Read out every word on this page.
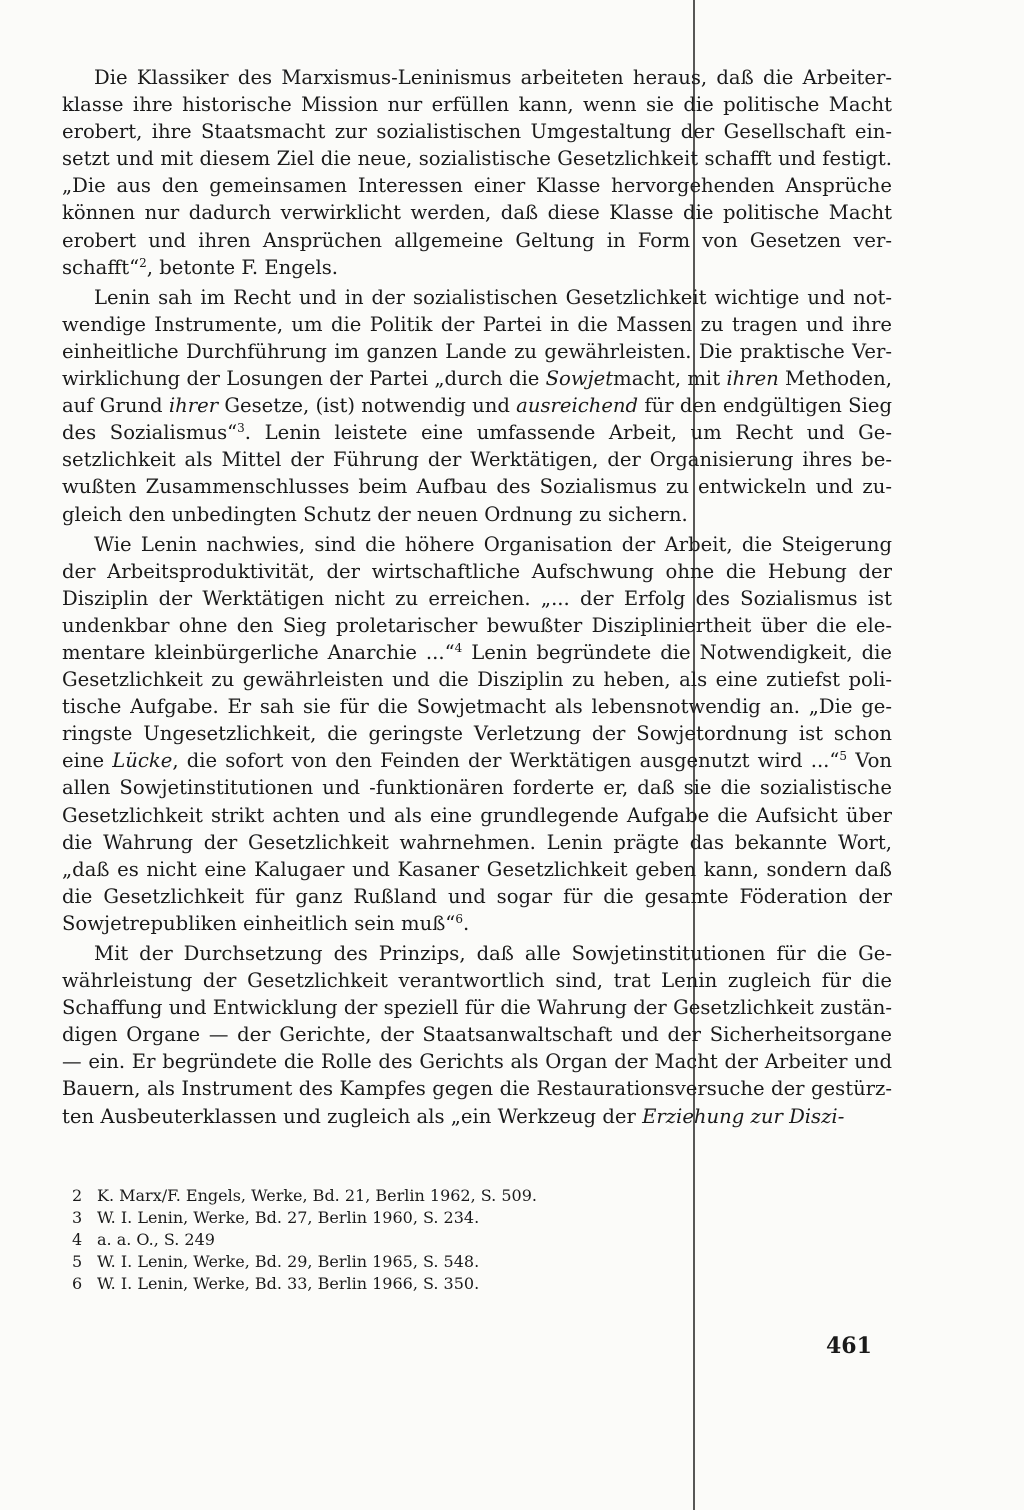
Die Klassiker des Marxismus-Leninismus arbeiteten heraus, daß die Arbeiterklasse ihre historische Mission nur erfüllen kann, wenn sie die politische Macht erobert, ihre Staatsmacht zur sozialistischen Umgestaltung der Gesellschaft einsetzt und mit diesem Ziel die neue, sozialistische Gesetzlichkeit schafft und festigt. „Die aus den gemeinsamen Interessen einer Klasse hervorgehenden Ansprüche können nur dadurch verwirklicht werden, daß diese Klasse die politische Macht erobert und ihren Ansprüchen allgemeine Geltung in Form von Gesetzen verschafft“$^2$, betonte F. Engels.

Lenin sah im Recht und in der sozialistischen Gesetzlichkeit wichtige und notwendige Instrumente, um die Politik der Partei in die Massen zu tragen und ihre einheitliche Durchführung im ganzen Lande zu gewährleisten. Die praktische Verwirklichung der Losungen der Partei „durch die Sowjetmacht, mit ihren Methoden, auf Grund ihrer Gesetze, (ist) notwendig und ausreichend für den endgültigen Sieg des Sozialismus“$^3$. Lenin leistete eine umfassende Arbeit, um Recht und Gesetzlichkeit als Mittel der Führung der Werktätigen, der Organisierung ihres bewußten Zusammenschlusses beim Aufbau des Sozialismus zu entwickeln und zugleich den unbedingten Schutz der neuen Ordnung zu sichern.

Wie Lenin nachwies, sind die höhere Organisation der Arbeit, die Steigerung der Arbeitsproduktivität, der wirtschaftliche Aufschwung ohne die Hebung der Disziplin der Werktätigen nicht zu erreichen. „... der Erfolg des Sozialismus ist undenkbar ohne den Sieg proletarischer bewußter Diszipliniertheit über die elementare kleinbürgerliche Anarchie ...“$^4$ Lenin begründete die Notwendigkeit, die Gesetzlichkeit zu gewährleisten und die Disziplin zu heben, als eine zutiefst politische Aufgabe. Er sah sie für die Sowjetmacht als lebensnotwendig an. „Die geringste Ungesetzlichkeit, die geringste Verletzung der Sowjetordnung ist schon eine Lücke, die sofort von den Feinden der Werktätigen ausgenutzt wird ...“$^5$ Von allen Sowjetinstitutionen und -funktionären forderte er, daß sie die sozialistische Gesetzlichkeit strikt achten und als eine grundlegende Aufgabe die Aufsicht über die Wahrung der Gesetzlichkeit wahrnehmen. Lenin prägte das bekannte Wort, „daß es nicht eine Kalugaer und Kasaner Gesetzlichkeit geben kann, sondern daß die Gesetzlichkeit für ganz Rußland und sogar für die gesamte Föderation der Sowjetrepubliken einheitlich sein muß“$^6$.

Mit der Durchsetzung des Prinzips, daß alle Sowjetinstitutionen für die Gewährleistung der Gesetzlichkeit verantwortlich sind, trat Lenin zugleich für die Schaffung und Entwicklung der speziell für die Wahrung der Gesetzlichkeit zuständigen Organe — der Gerichte, der Staatsanwaltschaft und der Sicherheitsorgane — ein. Er begründete die Rolle des Gerichts als Organ der Macht der Arbeiter und Bauern, als Instrument des Kampfes gegen die Restaurationsversuche der gestürzten Ausbeuterklassen und zugleich als „ein Werkzeug der Erziehung zur Diszi-

2 K. Marx/F. Engels, Werke, Bd. 21, Berlin 1962, S. 509.
3 W. I. Lenin, Werke, Bd. 27, Berlin 1960, S. 234.
4 a. a. O., S. 249
5 W. I. Lenin, Werke, Bd. 29, Berlin 1965, S. 548.
6 W. I. Lenin, Werke, Bd. 33, Berlin 1966, S. 350.
461
